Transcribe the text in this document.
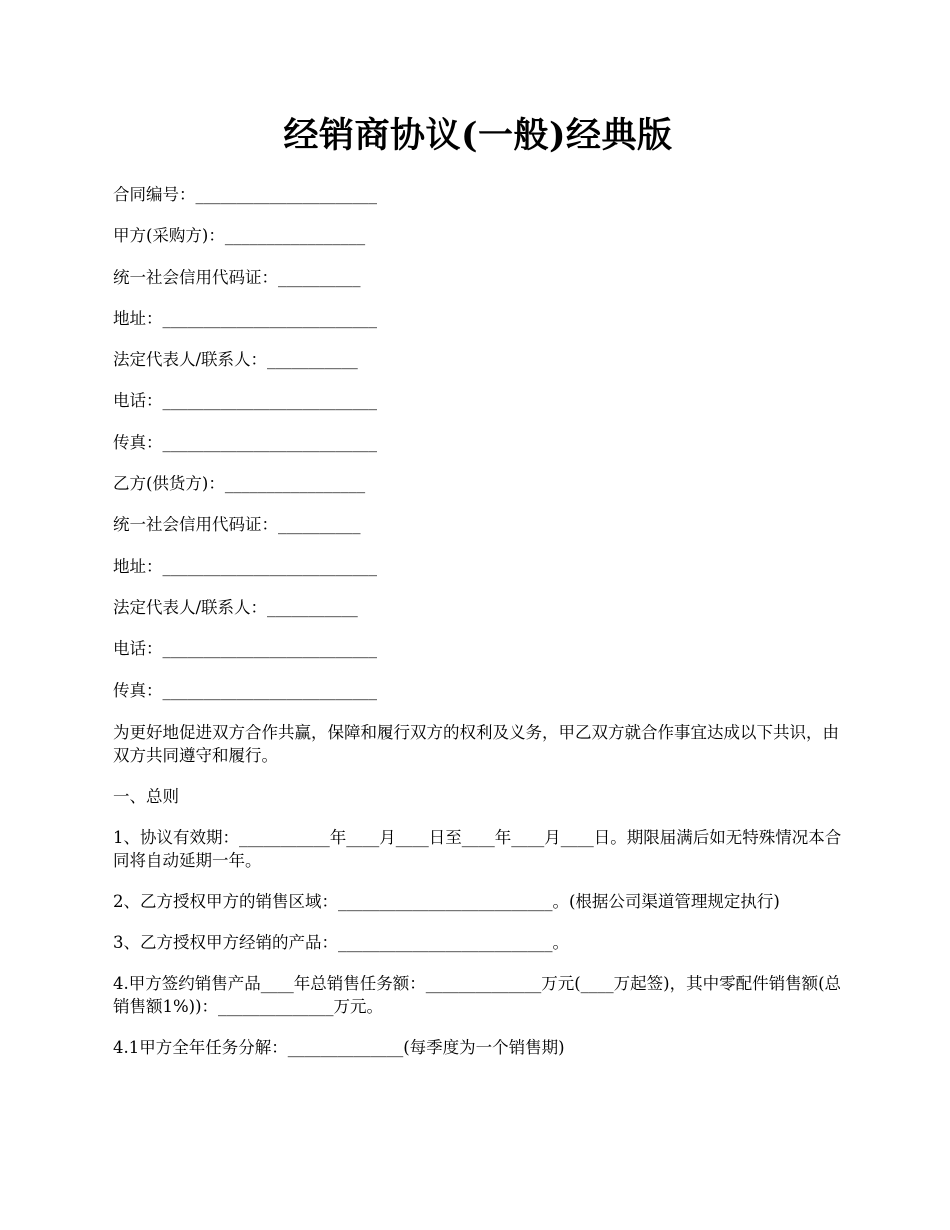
经销商协议(一般)经典版
合同编号：______________________
甲方(采购方)：_________________
统一社会信用代码证：__________
地址：__________________________
法定代表人/联系人：___________
电话：__________________________
传真：__________________________
乙方(供货方)：_________________
统一社会信用代码证：__________
地址：__________________________
法定代表人/联系人：___________
电话：__________________________
传真：__________________________

为更好地促进双方合作共赢，保障和履行双方的权利及义务，甲乙双方就合作事宜达成以下共识，由双方共同遵守和履行。

一、总则

1、协议有效期：___________年____月____日至____年____月____日。期限届满后如无特殊情况本合同将自动延期一年。

2、乙方授权甲方的销售区域：__________________________。(根据公司渠道管理规定执行)

3、乙方授权甲方经销的产品：__________________________。

4.甲方签约销售产品____年总销售任务额：______________万元(____万起签)，其中零配件销售额(总销售额1%))：______________万元。

4.1甲方全年任务分解：______________(每季度为一个销售期)
